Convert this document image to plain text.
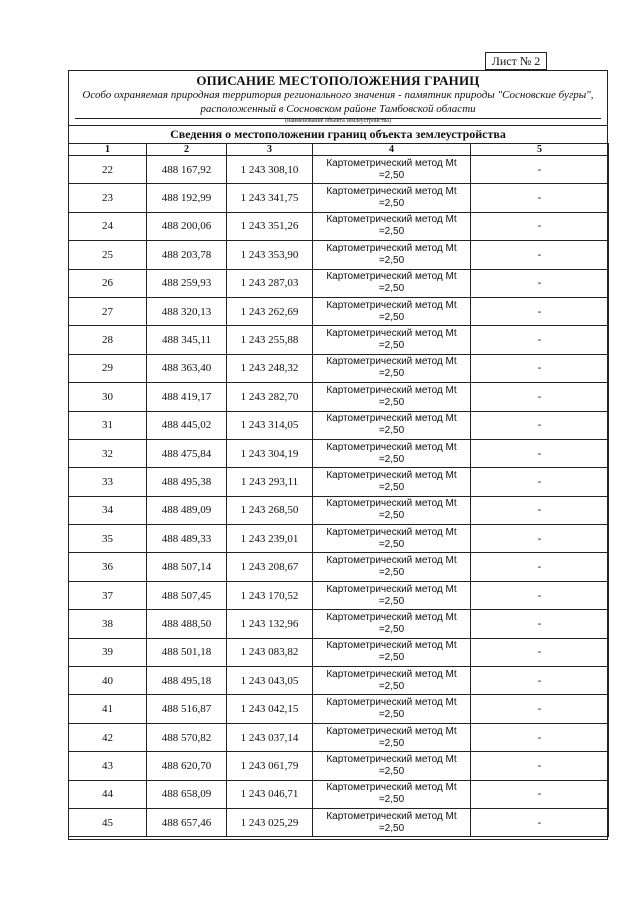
Лист № 2
ОПИСАНИЕ МЕСТОПОЛОЖЕНИЯ ГРАНИЦ
Особо охраняемая природная территория регионального значения - памятник природы "Сосновские бугры", расположенный в Сосновском районе Тамбовской области
(наименование объекта землеустройства)
Сведения о местоположении границ объекта землеустройства
1	2	3	4	5
22	488 167,92	1 243 308,10	Картометрический метод Mt =2,50	-
23	488 192,99	1 243 341,75	Картометрический метод Mt =2,50	-
24	488 200,06	1 243 351,26	Картометрический метод Mt =2,50	-
25	488 203,78	1 243 353,90	Картометрический метод Mt =2,50	-
26	488 259,93	1 243 287,03	Картометрический метод Mt =2,50	-
27	488 320,13	1 243 262,69	Картометрический метод Mt =2,50	-
28	488 345,11	1 243 255,88	Картометрический метод Mt =2,50	-
29	488 363,40	1 243 248,32	Картометрический метод Mt =2,50	-
30	488 419,17	1 243 282,70	Картометрический метод Mt =2,50	-
31	488 445,02	1 243 314,05	Картометрический метод Mt =2,50	-
32	488 475,84	1 243 304,19	Картометрический метод Mt =2,50	-
33	488 495,38	1 243 293,11	Картометрический метод Mt =2,50	-
34	488 489,09	1 243 268,50	Картометрический метод Mt =2,50	-
35	488 489,33	1 243 239,01	Картометрический метод Mt =2,50	-
36	488 507,14	1 243 208,67	Картометрический метод Mt =2,50	-
37	488 507,45	1 243 170,52	Картометрический метод Mt =2,50	-
38	488 488,50	1 243 132,96	Картометрический метод Mt =2,50	-
39	488 501,18	1 243 083,82	Картометрический метод Mt =2,50	-
40	488 495,18	1 243 043,05	Картометрический метод Mt =2,50	-
41	488 516,87	1 243 042,15	Картометрический метод Mt =2,50	-
42	488 570,82	1 243 037,14	Картометрический метод Mt =2,50	-
43	488 620,70	1 243 061,79	Картометрический метод Mt =2,50	-
44	488 658,09	1 243 046,71	Картометрический метод Mt =2,50	-
45	488 657,46	1 243 025,29	Картометрический метод Mt =2,50	-
